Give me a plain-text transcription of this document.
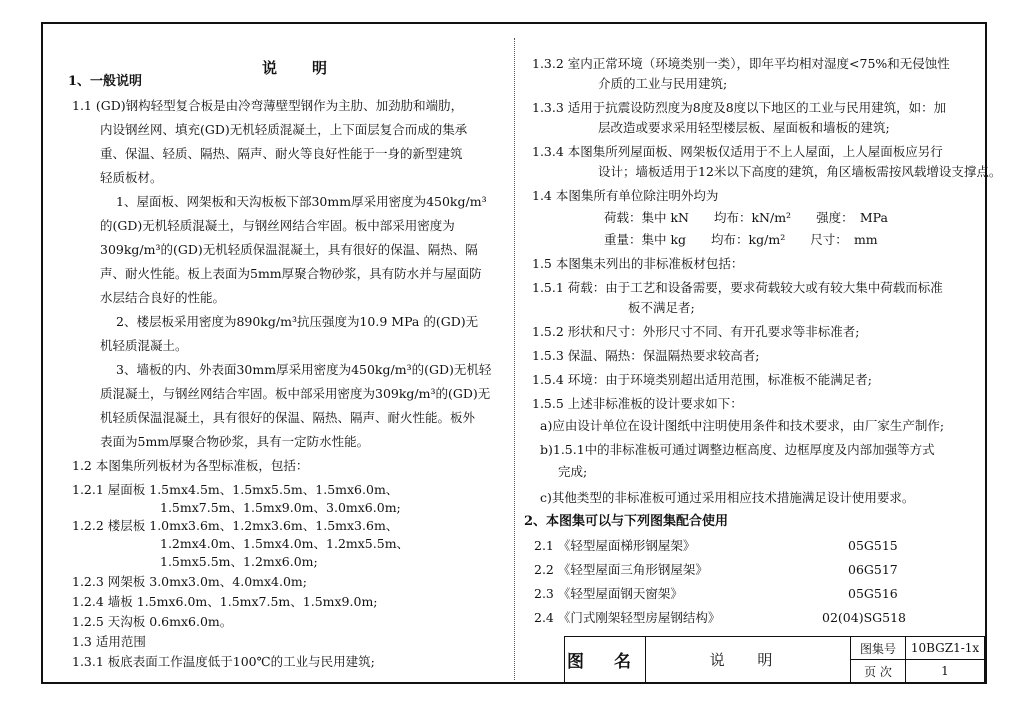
说　明
1、一般说明
1.1 (GD)钢构轻型复合板是由冷弯薄壁型钢作为主肋、加劲肋和端肋，
内设钢丝网、填充(GD)无机轻质混凝土，上下面层复合而成的集承
重、保温、轻质、隔热、隔声、耐火等良好性能于一身的新型建筑
轻质板材。
1、屋面板、网架板和天沟板板下部30mm厚采用密度为450kg/m³
的(GD)无机轻质混凝土，与钢丝网结合牢固。板中部采用密度为
309kg/m³的(GD)无机轻质保温混凝土，具有很好的保温、隔热、隔
声、耐火性能。板上表面为5mm厚聚合物砂浆，具有防水并与屋面防
水层结合良好的性能。
2、楼层板采用密度为890kg/m³抗压强度为10.9 MPa 的(GD)无
机轻质混凝土。
3、墙板的内、外表面30mm厚采用密度为450kg/m³的(GD)无机轻
质混凝土，与钢丝网结合牢固。板中部采用密度为309kg/m³的(GD)无
机轻质保温混凝土，具有很好的保温、隔热、隔声、耐火性能。板外
表面为5mm厚聚合物砂浆，具有一定防水性能。
1.2 本图集所列板材为各型标准板，包括：
1.2.1 屋面板 1.5mx4.5m、1.5mx5.5m、1.5mx6.0m、
1.5mx7.5m、1.5mx9.0m、3.0mx6.0m;
1.2.2 楼层板 1.0mx3.6m、1.2mx3.6m、1.5mx3.6m、
1.2mx4.0m、1.5mx4.0m、1.2mx5.5m、
1.5mx5.5m、1.2mx6.0m;
1.2.3 网架板 3.0mx3.0m、4.0mx4.0m;
1.2.4 墙板 1.5mx6.0m、1.5mx7.5m、1.5mx9.0m;
1.2.5 天沟板 0.6mx6.0m。
1.3 适用范围
1.3.1 板底表面工作温度低于100℃的工业与民用建筑;
1.3.2 室内正常环境（环境类别一类），即年平均相对湿度<75%和无侵蚀性
介质的工业与民用建筑;
1.3.3 适用于抗震设防烈度为8度及8度以下地区的工业与民用建筑，如：加
层改造或要求采用轻型楼层板、屋面板和墙板的建筑;
1.3.4 本图集所列屋面板、网架板仅适用于不上人屋面，上人屋面板应另行
设计；墙板适用于12米以下高度的建筑，角区墙板需按风载增设支撑点。
1.4 本图集所有单位除注明外均为
荷载：集中 kN　　均布：kN/m²　　强度：　MPa
重量：集中 kg　　均布：kg/m²　　尺寸：　mm
1.5 本图集未列出的非标准板材包括：
1.5.1 荷载：由于工艺和设备需要，要求荷载较大或有较大集中荷载而标准
板不满足者;
1.5.2 形状和尺寸：外形尺寸不同、有开孔要求等非标准者;
1.5.3 保温、隔热：保温隔热要求较高者;
1.5.4 环境：由于环境类别超出适用范围，标准板不能满足者;
1.5.5 上述非标准板的设计要求如下：
a)应由设计单位在设计图纸中注明使用条件和技术要求，由厂家生产制作;
b)1.5.1中的非标准板可通过调整边框高度、边框厚度及内部加强等方式
完成;
c)其他类型的非标准板可通过采用相应技术措施满足设计使用要求。
2、本图集可以与下列图集配合使用
2.1 《轻型屋面梯形钢屋架》	05G515
2.2 《轻型屋面三角形钢屋架》	06G517
2.3 《轻型屋面钢天窗架》	05G516
2.4 《门式刚架轻型房屋钢结构》	02(04)SG518
图 名	说 明	图集号	10BGZ1-1x
		页 次	1
